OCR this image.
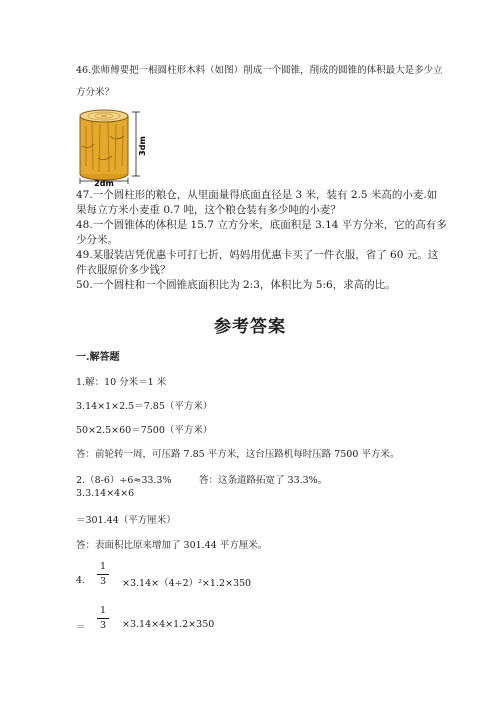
46.张师傅要把一根圆柱形木料（如图）削成一个圆锥，削成的圆锥的体积最大是多少立
方分米？
3dm
2dm
47.一个圆柱形的粮仓，从里面量得底面直径是 3 米，装有 2.5 米高的小麦.如
果每立方米小麦重 0.7 吨，这个粮仓装有多少吨的小麦？
48.一个圆锥体的体积是 15.7 立方分米，底面积是 3.14 平方分米，它的高有多
少分米。
49.某服装店凭优惠卡可打七折，妈妈用优惠卡买了一件衣服，省了 60 元。这
件衣服原价多少钱？
50.一个圆柱和一个圆锥底面积比为 2:3，体积比为 5:6，求高的比。
参考答案
一.解答题
1.解：10 分米＝1 米
3.14×1×2.5＝7.85（平方米）
50×2.5×60＝7500（平方米）
答：前轮转一周，可压路 7.85 平方米，这台压路机每时压路 7500 平方米。
2.（8-6）÷6≈33.3%	答：这条道路拓宽了 33.3%。
3.3.14×4×6
＝301.44（平方厘米）
答：表面积比原来增加了 301.44 平方厘米。
4.
1
3	×3.14×（4÷2）²×1.2×350
＝
1
3	×3.14×4×1.2×350
